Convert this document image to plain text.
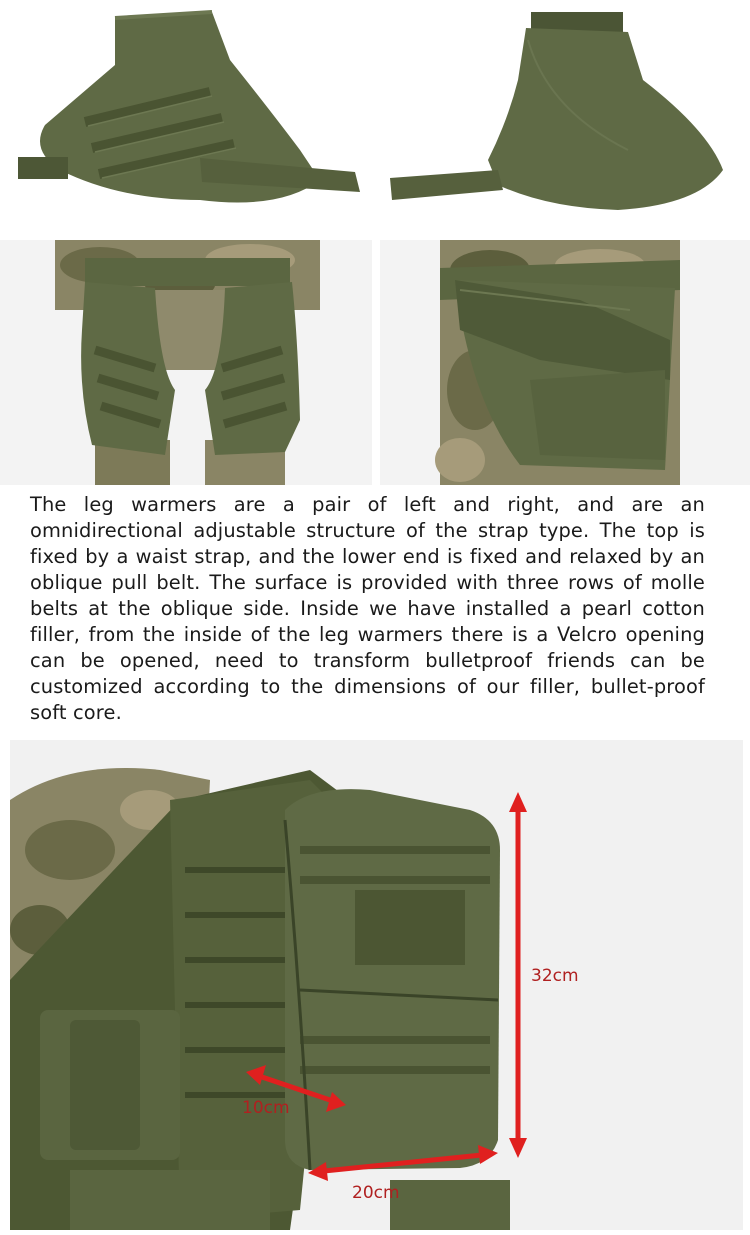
The leg warmers are a pair of left and right, and are an omnidirectional adjustable structure of the strap type. The top is fixed by a waist strap, and the lower end is fixed and relaxed by an oblique pull belt. The surface is provided with three rows of molle belts at the oblique side. Inside we have installed a pearl cotton filler, from the inside of the leg warmers there is a Velcro opening can be opened, need to transform bulletproof friends can be customized according to the dimensions of our filler, bullet-proof soft core.

32cm
10cm
20cm
